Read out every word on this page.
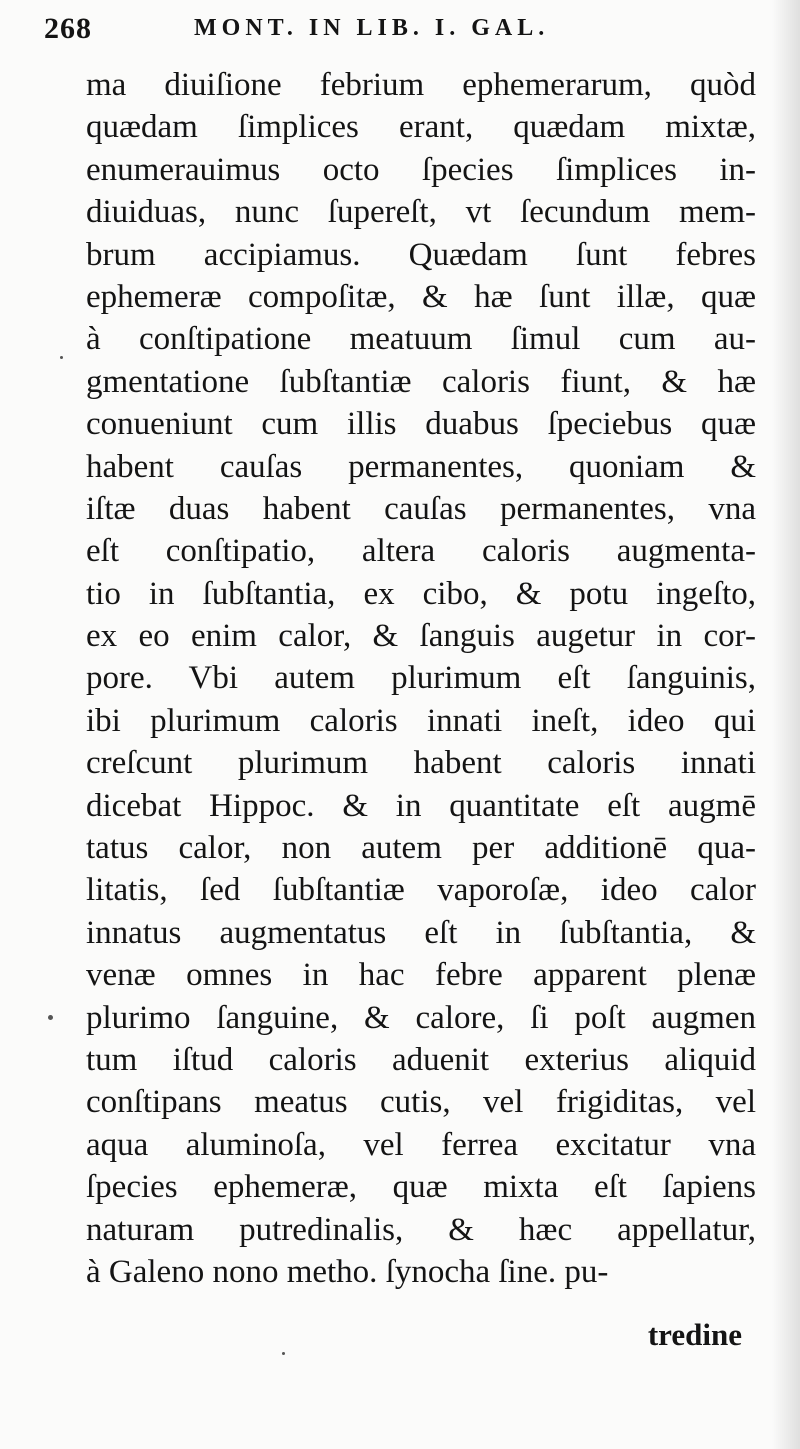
268	MONT. IN LIB. I. GAL.
ma diuiſione febrium ephemerarum, quòd
quædam ſimplices erant, quædam mixtæ,
enumerauimus octo ſpecies ſimplices in-
diuiduas, nunc ſupereſt, vt ſecundum mem-
brum accipiamus. Quædam ſunt febres
ephemeræ compoſitæ, & hæ ſunt illæ, quæ
à conſtipatione meatuum ſimul cum au-
gmentatione ſubſtantiæ caloris fiunt, & hæ
conueniunt cum illis duabus ſpeciebus quæ
habent cauſas permanentes, quoniam &
iſtæ duas habent cauſas permanentes, vna
eſt conſtipatio, altera caloris augmenta-
tio in ſubſtantia, ex cibo, & potu ingeſto,
ex eo enim calor, & ſanguis augetur in cor-
pore. Vbi autem plurimum eſt ſanguinis,
ibi plurimum caloris innati ineſt, ideo qui
creſcunt plurimum habent caloris innati
dicebat Hippoc. & in quantitate eſt augmē
tatus calor, non autem per additionē qua-
litatis, ſed ſubſtantiæ vaporoſæ, ideo calor
innatus augmentatus eſt in ſubſtantia, &
venæ omnes in hac febre apparent plenæ
plurimo ſanguine, & calore, ſi poſt augmen
tum iſtud caloris aduenit exterius aliquid
conſtipans meatus cutis, vel frigiditas, vel
aqua aluminoſa, vel ferrea excitatur vna
ſpecies ephemeræ, quæ mixta eſt ſapiens
naturam putredinalis, & hæc appellatur,
à Galeno nono metho. ſynocha ſine. pu-
tredine
